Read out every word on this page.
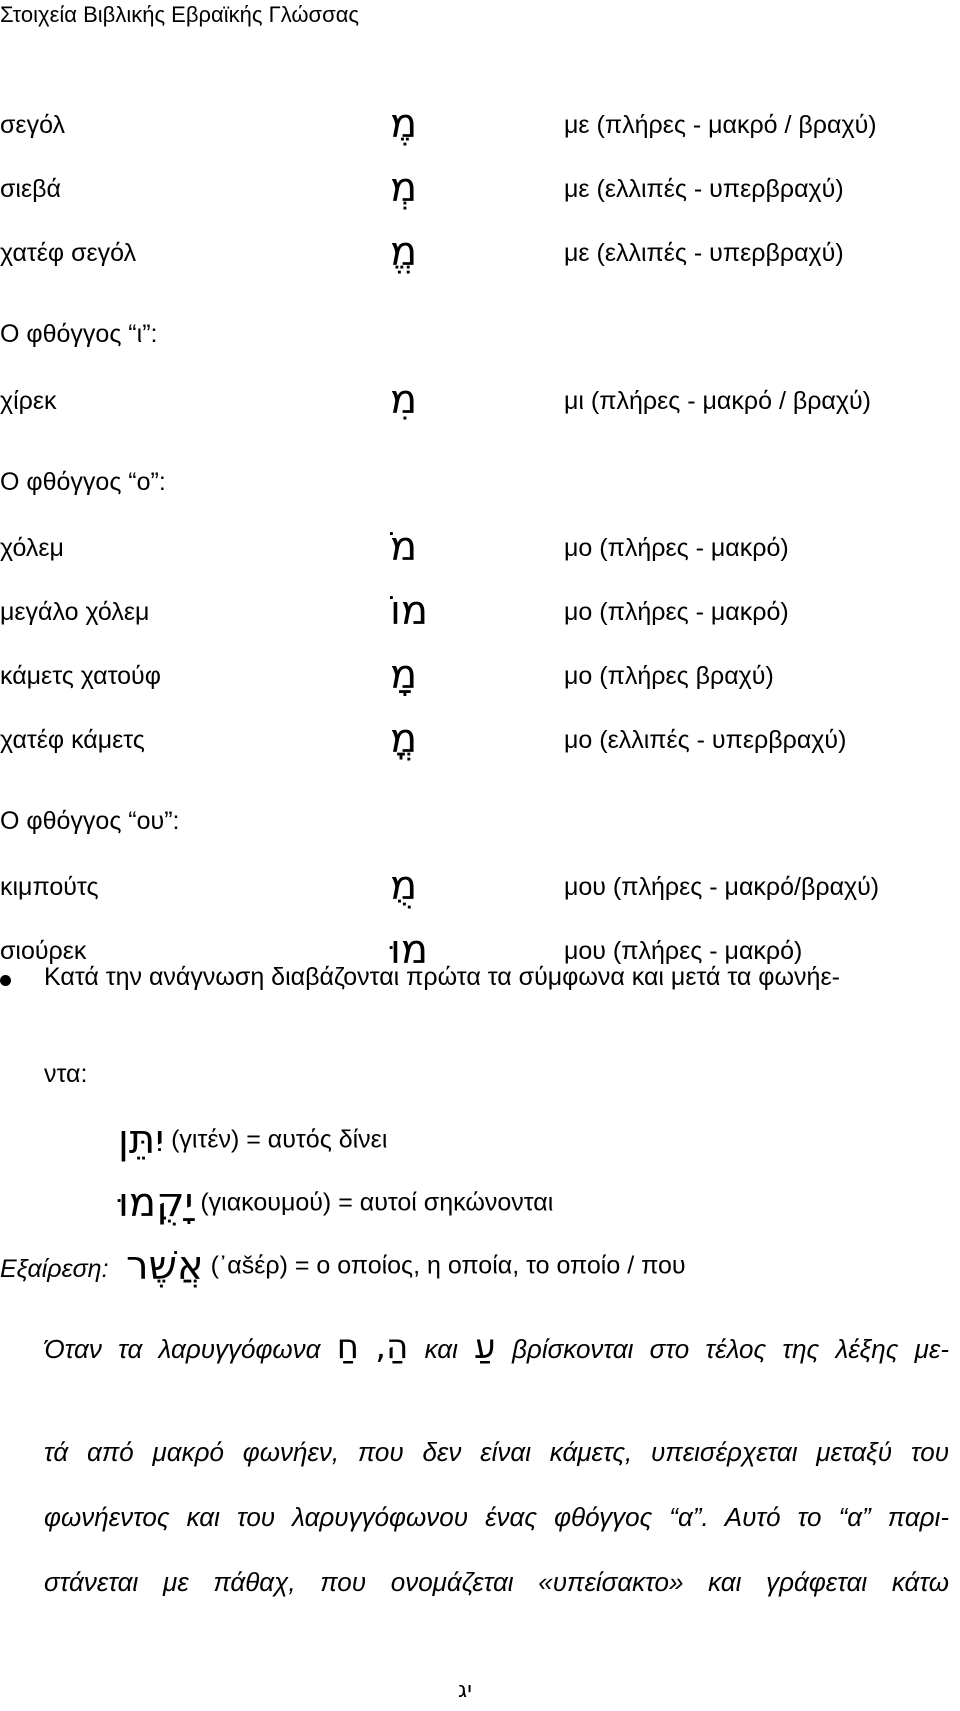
Στοιχεία Βιβλικής Εβραϊκής Γλώσσας
σεγόλ	מֶ	με (πλήρες - μακρό / βραχύ)
σιεβά	מְ	με (ελλιπές - υπερβραχύ)
χατέφ σεγόλ	מֱ	με (ελλιπές - υπερβραχύ)
Ο φθόγγος “ι”:
χίρεκ	מִ	μι (πλήρες - μακρό / βραχύ)
Ο φθόγγος “ο”:
χόλεμ	מֹ	μο (πλήρες - μακρό)
μεγάλο χόλεμ	מוֹ	μο (πλήρες - μακρό)
κάμετς χατούφ	מָ	μο (πλήρες βραχύ)
χατέφ κάμετς	מֳ	μο (ελλιπές - υπερβραχύ)
Ο φθόγγος “ου”:
κιμπούτς	מֻ	μου (πλήρες - μακρό/βραχύ)
σιούρεκ	מוּ	μου (πλήρες - μακρό)
Κατά την ανάγνωση διαβάζονται πρώτα τα σύμφωνα και μετά τα φωνήε-
ντα:
יִתֵּן (γιτέν) = αυτός δίνει
יָקֻמוּ (γιακουμού) = αυτοί σηκώνονται
אֲשֶׁר (᾿αšέρ) = ο οποίος, η οποία, το οποίο / που
Εξαίρεση:
Όταν τα λαρυγγόφωνα הַ, חַ	και עַ βρίσκονται στο τέλος της λέξης με-
τά από μακρό φωνήεν, που δεν είναι κάμετς, υπεισέρχεται μεταξύ του
φωνήεντος και του λαρυγγόφωνου ένας φθόγγος “α”. Αυτό το “α” παρι-
στάνεται με πάθαχ, που ονομάζεται «υπείσακτο» και γράφεται κάτω
יג
